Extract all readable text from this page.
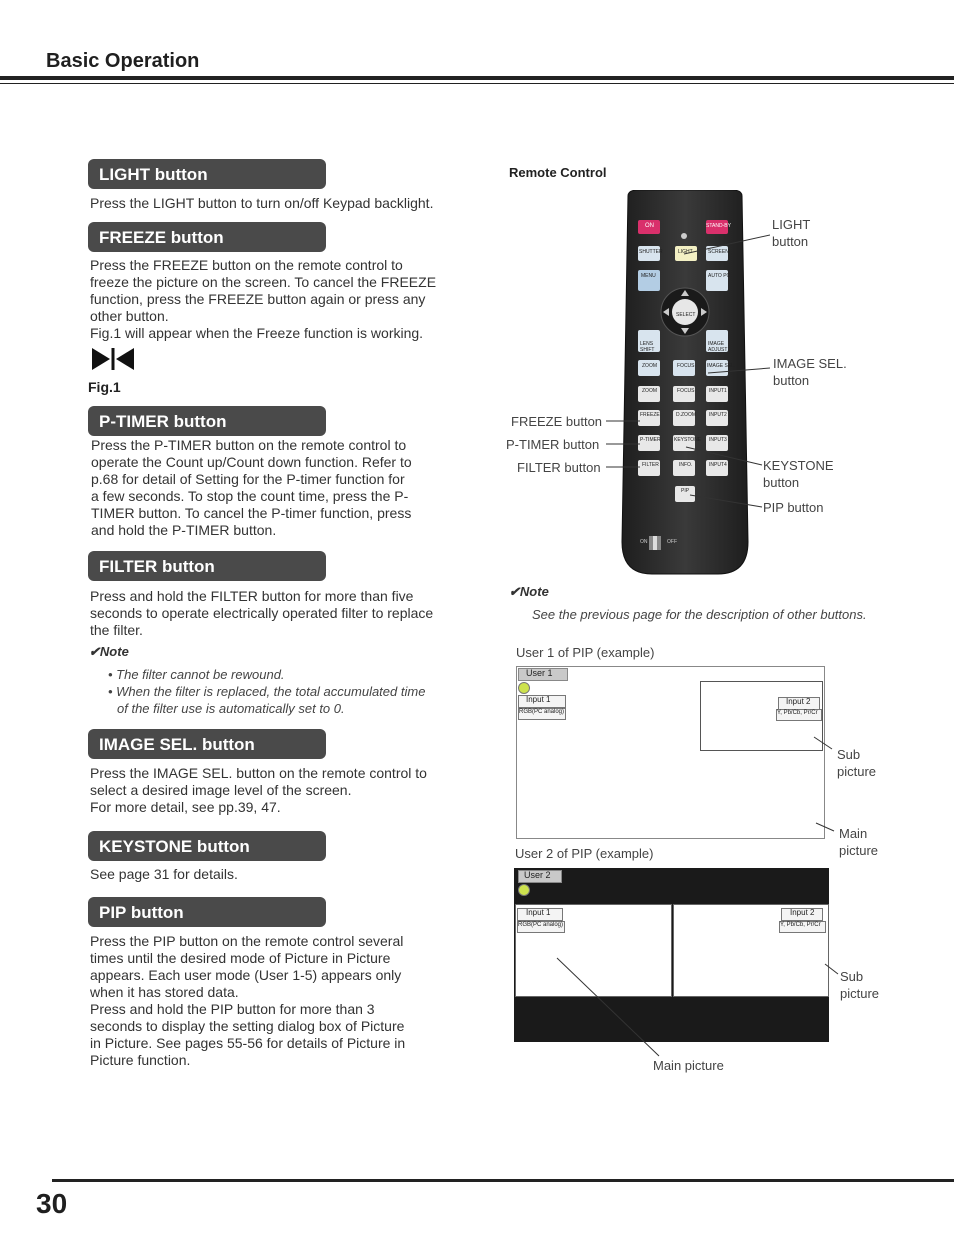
Basic Operation
LIGHT button
Press the LIGHT button to turn on/off Keypad backlight.
FREEZE button
Press the FREEZE button on the remote control to
freeze the picture on the screen. To cancel the FREEZE
function, press the FREEZE button again or press any
other button.
Fig.1 will appear when the Freeze function is working.
Fig.1
P-TIMER button
Press the P-TIMER button on the remote control to
operate the Count up/Count down function. Refer to
p.68 for detail of Setting for the P-timer function for
a few seconds. To stop the count time, press the P-
TIMER button. To cancel the P-timer function, press
and hold the P-TIMER button.
FILTER button
Press and hold the FILTER button for more than five
seconds to operate electrically operated filter to replace
the filter.
✔Note
• The filter cannot be rewound.
• When the filter is replaced, the total accumulated time
of the filter use is automatically set to 0.
IMAGE SEL. button
Press the IMAGE SEL. button on the remote control to
select a desired image level of the screen.
For more detail, see pp.39, 47.
KEYSTONE button
See page 31 for details.
PIP button
Press the PIP button on the remote control several
times until the desired mode of Picture in Picture
appears. Each user mode (User 1-5) appears only
when it has stored data.
Press and hold the PIP button for more than 3
seconds to display the setting dialog box of Picture
in Picture. See pages 55-56 for details of Picture in
Picture function.
Remote Control
ON	STAND-BY
SHUTTER	LIGHT	SCREEN
MENU	AUTO PC
SELECT
LENS SHIFT
IMAGE ADJUST
ZOOM	FOCUS	IMAGE SEL.
ZOOM	FOCUS	INPUT1
FREEZE	D.ZOOM	INPUT2
P-TIMER	KEYSTONE INPUT3
FILTER	INFO.	INPUT4
PIP
ON	OFF
LIGHT
button
IMAGE SEL.
button
FREEZE button
P-TIMER button
FILTER button	KEYSTONE
button
PIP button
✔Note
See the previous page for the description of other buttons.
User 1 of PIP (example)
User 1
Input 1
RGB(PC analog)
Input 2
Y, Pb/Cb, Pr/Cr
Sub
picture
Main
picture
User 2 of PIP (example)
User 2
Input 1
RGB(PC analog)
Input 2
Y, Pb/Cb, Pr/Cr
Sub
picture
Main picture
30
